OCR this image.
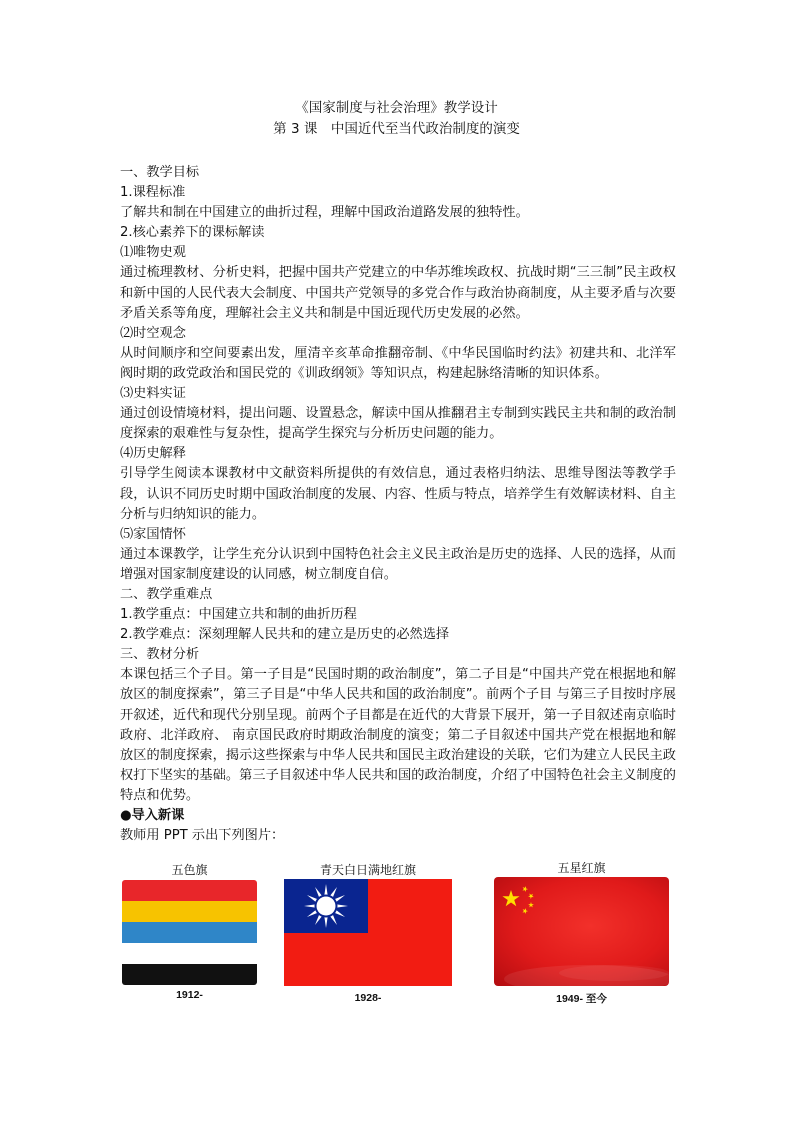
《国家制度与社会治理》教学设计
第 3 课　中国近代至当代政治制度的演变

一、教学目标

1.课程标准

了解共和制在中国建立的曲折过程，理解中国政治道路发展的独特性。

2.核心素养下的课标解读

⑴唯物史观

通过梳理教材、分析史料，把握中国共产党建立的中华苏维埃政权、抗战时期“三三制”民主政权和新中国的人民代表大会制度、中国共产党领导的多党合作与政治协商制度，从主要矛盾与次要矛盾关系等角度，理解社会主义共和制是中国近现代历史发展的必然。

⑵时空观念

从时间顺序和空间要素出发，厘清辛亥革命推翻帝制、《中华民国临时约法》初建共和、北洋军阀时期的政党政治和国民党的《训政纲领》等知识点，构建起脉络清晰的知识体系。

⑶史料实证

通过创设情境材料，提出问题、设置悬念，解读中国从推翻君主专制到实践民主共和制的政治制度探索的艰难性与复杂性，提高学生探究与分析历史问题的能力。

⑷历史解释

引导学生阅读本课教材中文献资料所提供的有效信息，通过表格归纳法、思维导图法等教学手段，认识不同历史时期中国政治制度的发展、内容、性质与特点，培养学生有效解读材料、自主分析与归纳知识的能力。

⑸家国情怀

通过本课教学，让学生充分认识到中国特色社会主义民主政治是历史的选择、人民的选择，从而增强对国家制度建设的认同感，树立制度自信。

二、教学重难点

1.教学重点：中国建立共和制的曲折历程

2.教学难点：深刻理解人民共和的建立是历史的必然选择

三、教材分析

本课包括三个子目。第一子目是“民国时期的政治制度”，第二子目是“中国共产党在根据地和解放区的制度探索”，第三子目是“中华人民共和国的政治制度”。前两个子目 与第三子目按时序展开叙述，近代和现代分别呈现。前两个子目都是在近代的大背景下展开，第一子目叙述南京临时政府、北洋政府、 南京国民政府时期政治制度的演变；第二子目叙述中国共产党在根据地和解放区的制度探索，揭示这些探索与中华人民共和国民主政治建设的关联，它们为建立人民民主政权打下坚实的基础。第三子目叙述中华人民共和国的政治制度，介绍了中国特色社会主义制度的特点和优势。

●导入新课

教师用 PPT 示出下列图片：

五色旗	青天白日满地红旗	五星红旗
1912-	1928-	1949- 至今
